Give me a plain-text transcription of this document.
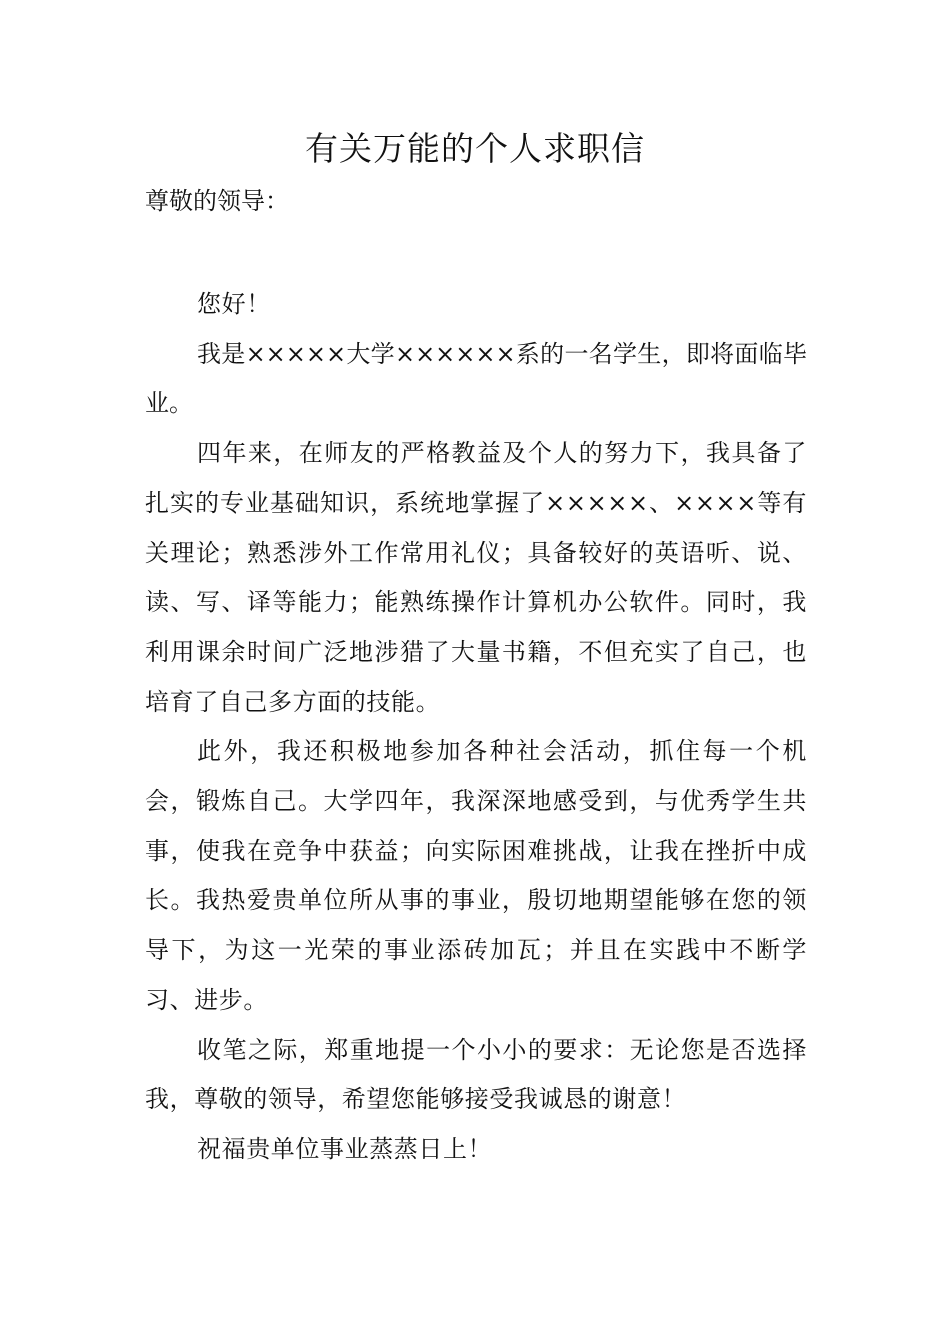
有关万能的个人求职信

尊敬的领导：

您好！

我是×××××大学××××××系的一名学生，即将面临毕业。

四年来，在师友的严格教益及个人的努力下，我具备了扎实的专业基础知识，系统地掌握了×××××、××××等有关理论；熟悉涉外工作常用礼仪；具备较好的英语听、说、读、写、译等能力；能熟练操作计算机办公软件。同时，我利用课余时间广泛地涉猎了大量书籍，不但充实了自己，也培育了自己多方面的技能。

此外，我还积极地参加各种社会活动，抓住每一个机会，锻炼自己。大学四年，我深深地感受到，与优秀学生共事，使我在竞争中获益；向实际困难挑战，让我在挫折中成长。我热爱贵单位所从事的事业，殷切地期望能够在您的领导下，为这一光荣的事业添砖加瓦；并且在实践中不断学习、进步。

收笔之际，郑重地提一个小小的要求：无论您是否选择我，尊敬的领导，希望您能够接受我诚恳的谢意！

祝福贵单位事业蒸蒸日上！
